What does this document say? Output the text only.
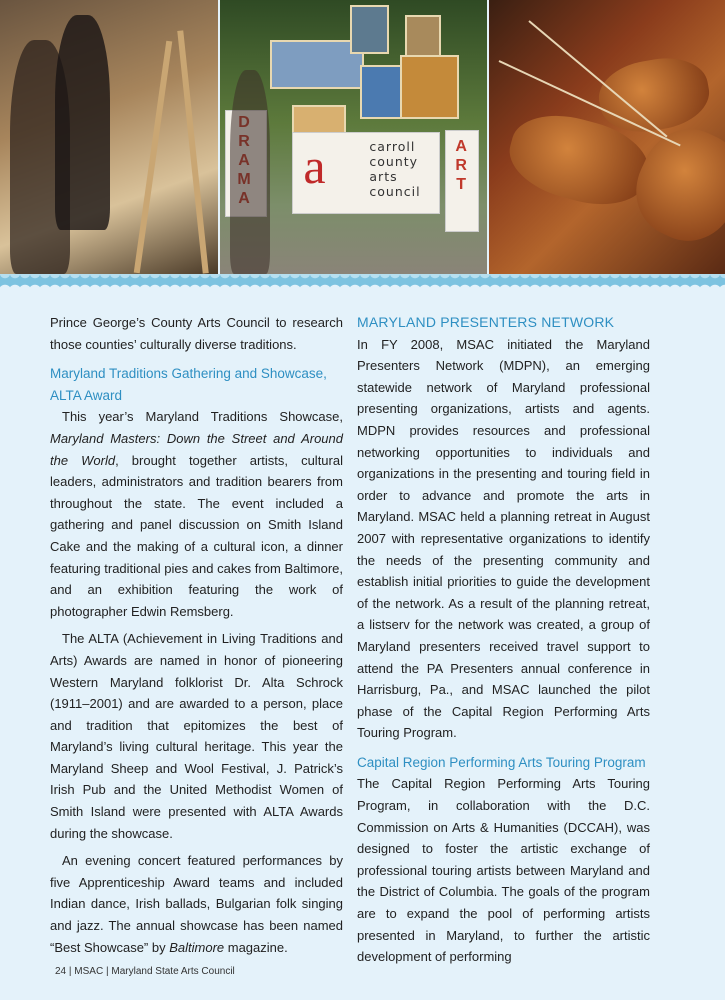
a	carroll county arts council
A
R
T

Prince George’s County Arts Council to research those counties’ culturally diverse traditions.

Maryland Traditions Gathering and Showcase, ALTA Award

This year’s Maryland Traditions Showcase, Maryland Masters: Down the Street and Around the World, brought together artists, cultural leaders, administrators and tradition bearers from throughout the state. The event included a gathering and panel discussion on Smith Island Cake and the making of a cultural icon, a dinner featuring traditional pies and cakes from Baltimore, and an exhibition featuring the work of photographer Edwin Remsberg.

The ALTA (Achievement in Living Traditions and Arts) Awards are named in honor of pioneering Western Maryland folklorist Dr. Alta Schrock (1911–2001) and are awarded to a person, place and tradition that epitomizes the best of Maryland’s living cultural heritage. This year the Maryland Sheep and Wool Festival, J. Patrick’s Irish Pub and the United Methodist Women of Smith Island were presented with ALTA Awards during the showcase.

An evening concert featured performances by five Apprenticeship Award teams and included Indian dance, Irish ballads, Bulgarian folk singing and jazz. The annual showcase has been named “Best Showcase” by Baltimore magazine.

MARYLAND PRESENTERS NETWORK

In FY 2008, MSAC initiated the Maryland Presenters Network (MDPN), an emerging statewide network of Maryland professional presenting organizations, artists and agents. MDPN provides resources and professional networking opportunities to individuals and organizations in the presenting and touring field in order to advance and promote the arts in Maryland. MSAC held a planning retreat in August 2007 with representative organizations to identify the needs of the presenting community and establish initial priorities to guide the development of the network. As a result of the planning retreat, a listserv for the network was created, a group of Maryland presenters received travel support to attend the PA Presenters annual conference in Harrisburg, Pa., and MSAC launched the pilot phase of the Capital Region Performing Arts Touring Program.

Capital Region Performing Arts Touring Program

The Capital Region Performing Arts Touring Program, in collaboration with the D.C. Commission on Arts & Humanities (DCCAH), was designed to foster the artistic exchange of professional touring artists between Maryland and the District of Columbia. The goals of the program are to expand the pool of performing artists presented in Maryland, to further the artistic development of performing

24 | MSAC | Maryland State Arts Council
